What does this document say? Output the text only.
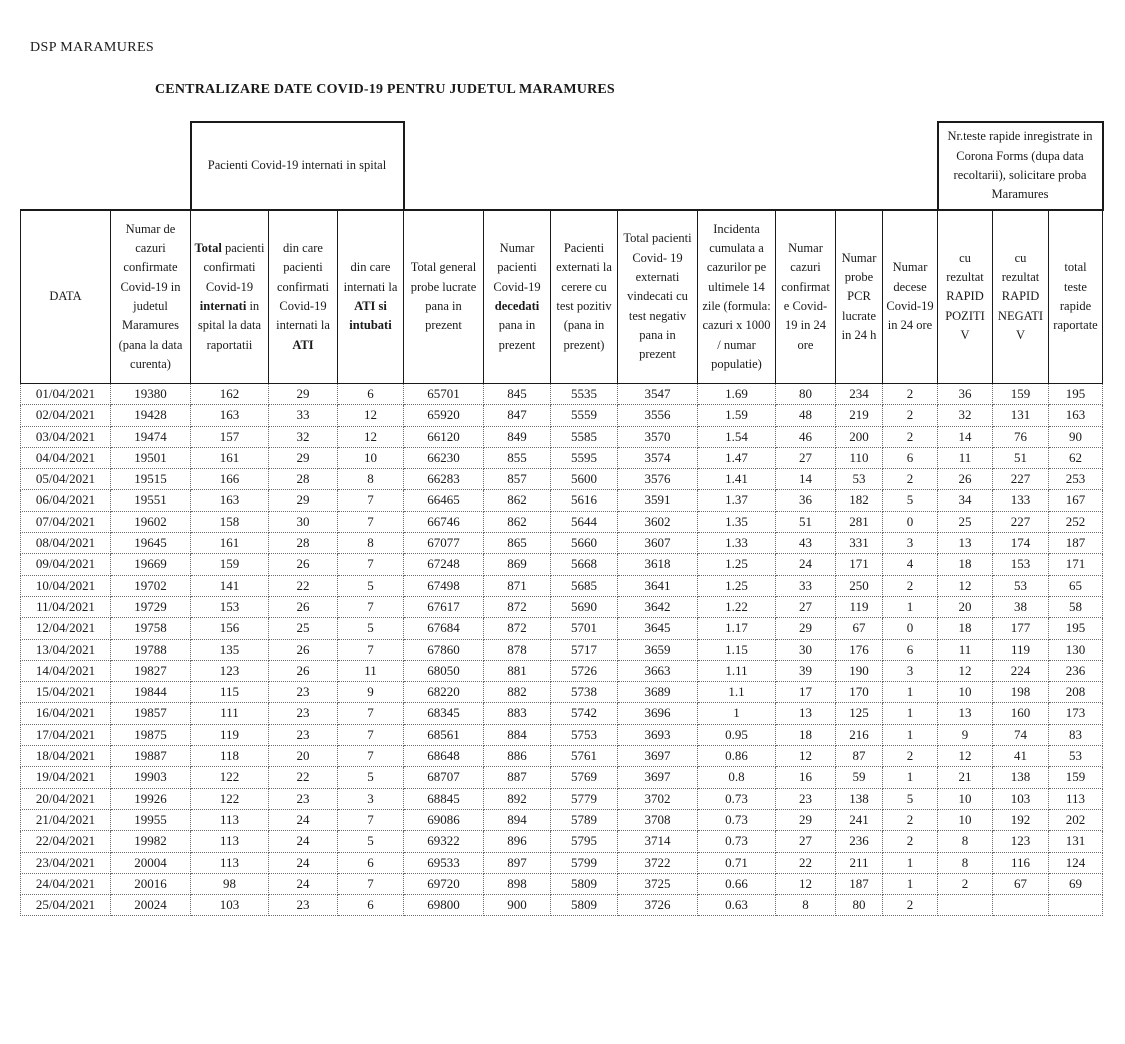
DSP MARAMURES
CENTRALIZARE DATE COVID-19 PENTRU JUDETUL MARAMURES
		Pacienti Covid-19 internati in spital											Nr.teste rapide inregistrate in Corona Forms (dupa data recoltarii), solicitare proba Maramures		
DATA	Numar de cazuri confirmate Covid-19 in judetul Maramures (pana la data curenta)	Total pacienti confirmati Covid-19 internati in spital la data raportatii	din care pacienti confirmati Covid-19 internati la ATI	din care internati la ATI si intubati	Total general probe lucrate pana in prezent	Numar pacienti Covid-19 decedati pana in prezent	Pacienti externati la cerere cu test pozitiv (pana in prezent)	Total pacienti Covid- 19 externati vindecati cu test negativ pana in prezent	Incidenta cumulata a cazurilor pe ultimele 14 zile (formula: cazuri x 1000 / numar populatie)	Numar cazuri confirmate Covid-19 in 24 ore	Numar probe PCR lucrate in 24 h	Numar decese Covid-19 in 24 ore	cu rezultat RAPID POZITIV	cu rezultat RAPID NEGATIV	total teste rapide raportate
01/04/2021	19380	162	29	6	65701	845	5535	3547	1.69	80	234	2	36	159	195
02/04/2021	19428	163	33	12	65920	847	5559	3556	1.59	48	219	2	32	131	163
03/04/2021	19474	157	32	12	66120	849	5585	3570	1.54	46	200	2	14	76	90
04/04/2021	19501	161	29	10	66230	855	5595	3574	1.47	27	110	6	11	51	62
05/04/2021	19515	166	28	8	66283	857	5600	3576	1.41	14	53	2	26	227	253
06/04/2021	19551	163	29	7	66465	862	5616	3591	1.37	36	182	5	34	133	167
07/04/2021	19602	158	30	7	66746	862	5644	3602	1.35	51	281	0	25	227	252
08/04/2021	19645	161	28	8	67077	865	5660	3607	1.33	43	331	3	13	174	187
09/04/2021	19669	159	26	7	67248	869	5668	3618	1.25	24	171	4	18	153	171
10/04/2021	19702	141	22	5	67498	871	5685	3641	1.25	33	250	2	12	53	65
11/04/2021	19729	153	26	7	67617	872	5690	3642	1.22	27	119	1	20	38	58
12/04/2021	19758	156	25	5	67684	872	5701	3645	1.17	29	67	0	18	177	195
13/04/2021	19788	135	26	7	67860	878	5717	3659	1.15	30	176	6	11	119	130
14/04/2021	19827	123	26	11	68050	881	5726	3663	1.11	39	190	3	12	224	236
15/04/2021	19844	115	23	9	68220	882	5738	3689	1.1	17	170	1	10	198	208
16/04/2021	19857	111	23	7	68345	883	5742	3696	1	13	125	1	13	160	173
17/04/2021	19875	119	23	7	68561	884	5753	3693	0.95	18	216	1	9	74	83
18/04/2021	19887	118	20	7	68648	886	5761	3697	0.86	12	87	2	12	41	53
19/04/2021	19903	122	22	5	68707	887	5769	3697	0.8	16	59	1	21	138	159
20/04/2021	19926	122	23	3	68845	892	5779	3702	0.73	23	138	5	10	103	113
21/04/2021	19955	113	24	7	69086	894	5789	3708	0.73	29	241	2	10	192	202
22/04/2021	19982	113	24	5	69322	896	5795	3714	0.73	27	236	2	8	123	131
23/04/2021	20004	113	24	6	69533	897	5799	3722	0.71	22	211	1	8	116	124
24/04/2021	20016	98	24	7	69720	898	5809	3725	0.66	12	187	1	2	67	69
25/04/2021	20024	103	23	6	69800	900	5809	3726	0.63	8	80	2			
